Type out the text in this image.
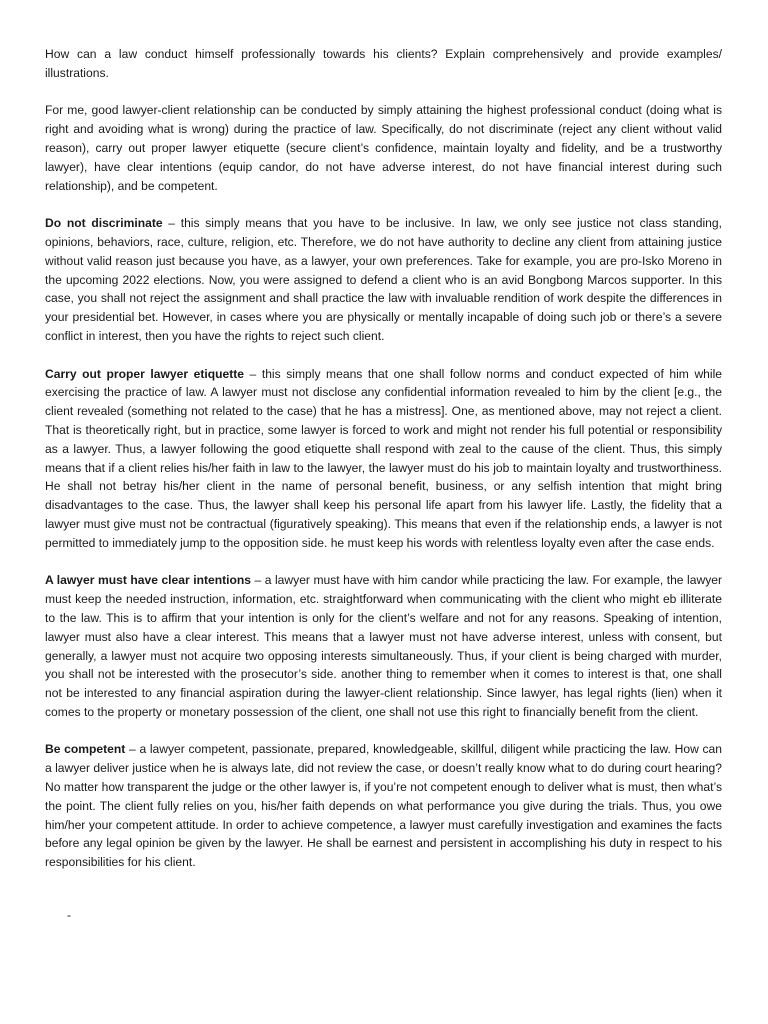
How can a law conduct himself professionally towards his clients? Explain comprehensively and provide examples/ illustrations.

For me, good lawyer-client relationship can be conducted by simply attaining the highest professional conduct (doing what is right and avoiding what is wrong) during the practice of law. Specifically, do not discriminate (reject any client without valid reason), carry out proper lawyer etiquette (secure client’s confidence, maintain loyalty and fidelity, and be a trustworthy lawyer), have clear intentions (equip candor, do not have adverse interest, do not have financial interest during such relationship), and be competent.

Do not discriminate – this simply means that you have to be inclusive. In law, we only see justice not class standing, opinions, behaviors, race, culture, religion, etc. Therefore, we do not have authority to decline any client from attaining justice without valid reason just because you have, as a lawyer, your own preferences. Take for example, you are pro-Isko Moreno in the upcoming 2022 elections. Now, you were assigned to defend a client who is an avid Bongbong Marcos supporter. In this case, you shall not reject the assignment and shall practice the law with invaluable rendition of work despite the differences in your presidential bet. However, in cases where you are physically or mentally incapable of doing such job or there’s a severe conflict in interest, then you have the rights to reject such client.

Carry out proper lawyer etiquette – this simply means that one shall follow norms and conduct expected of him while exercising the practice of law. A lawyer must not disclose any confidential information revealed to him by the client [e.g., the client revealed (something not related to the case) that he has a mistress]. One, as mentioned above, may not reject a client. That is theoretically right, but in practice, some lawyer is forced to work and might not render his full potential or responsibility as a lawyer. Thus, a lawyer following the good etiquette shall respond with zeal to the cause of the client. Thus, this simply means that if a client relies his/her faith in law to the lawyer, the lawyer must do his job to maintain loyalty and trustworthiness. He shall not betray his/her client in the name of personal benefit, business, or any selfish intention that might bring disadvantages to the case. Thus, the lawyer shall keep his personal life apart from his lawyer life. Lastly, the fidelity that a lawyer must give must not be contractual (figuratively speaking). This means that even if the relationship ends, a lawyer is not permitted to immediately jump to the opposition side. he must keep his words with relentless loyalty even after the case ends.

A lawyer must have clear intentions – a lawyer must have with him candor while practicing the law. For example, the lawyer must keep the needed instruction, information, etc. straightforward when communicating with the client who might eb illiterate to the law. This is to affirm that your intention is only for the client’s welfare and not for any reasons. Speaking of intention, lawyer must also have a clear interest. This means that a lawyer must not have adverse interest, unless with consent, but generally, a lawyer must not acquire two opposing interests simultaneously. Thus, if your client is being charged with murder, you shall not be interested with the prosecutor’s side. another thing to remember when it comes to interest is that, one shall not be interested to any financial aspiration during the lawyer-client relationship. Since lawyer, has legal rights (lien) when it comes to the property or monetary possession of the client, one shall not use this right to financially benefit from the client.

Be competent – a lawyer competent, passionate, prepared, knowledgeable, skillful, diligent while practicing the law. How can a lawyer deliver justice when he is always late, did not review the case, or doesn’t really know what to do during court hearing? No matter how transparent the judge or the other lawyer is, if you’re not competent enough to deliver what is must, then what’s the point. The client fully relies on you, his/her faith depends on what performance you give during the trials. Thus, you owe him/her your competent attitude. In order to achieve competence, a lawyer must carefully investigation and examines the facts before any legal opinion be given by the lawyer. He shall be earnest and persistent in accomplishing his duty in respect to his responsibilities for his client.

-
